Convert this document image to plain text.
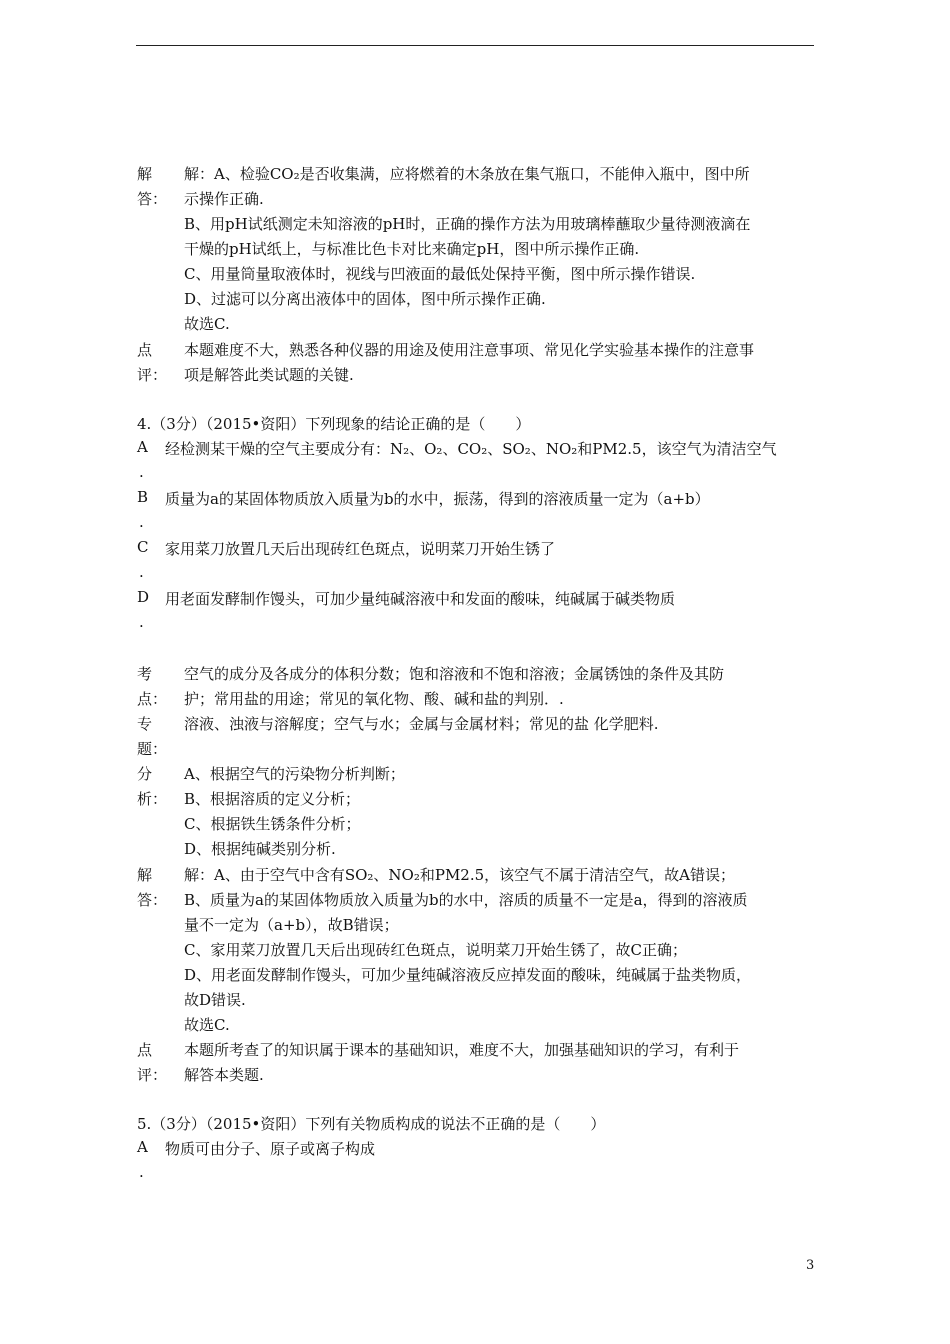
解
答：
解：A、检验CO₂是否收集满，应将燃着的木条放在集气瓶口，不能伸入瓶中，图中所
示操作正确.
B、用pH试纸测定未知溶液的pH时，正确的操作方法为用玻璃棒蘸取少量待测液滴在
干燥的pH试纸上，与标准比色卡对比来确定pH，图中所示操作正确.
C、用量筒量取液体时，视线与凹液面的最低处保持平衡，图中所示操作错误.
D、过滤可以分离出液体中的固体，图中所示操作正确.
故选C.
点
评：
本题难度不大，熟悉各种仪器的用途及使用注意事项、常见化学实验基本操作的注意事
项是解答此类试题的关键.
4.（3分）（2015•资阳）下列现象的结论正确的是（　　）
A 经检测某干燥的空气主要成分有：N₂、O₂、CO₂、SO₂、NO₂和PM2.5，该空气为清洁空气
.
B 质量为a的某固体物质放入质量为b的水中，振荡，得到的溶液质量一定为（a+b）
.
C 家用菜刀放置几天后出现砖红色斑点，说明菜刀开始生锈了
.
D 用老面发酵制作馒头，可加少量纯碱溶液中和发面的酸味，纯碱属于碱类物质
.
考
点：
空气的成分及各成分的体积分数；饱和溶液和不饱和溶液；金属锈蚀的条件及其防
护；常用盐的用途；常见的氧化物、酸、碱和盐的判别．.
专
题：
溶液、浊液与溶解度；空气与水；金属与金属材料；常见的盐 化学肥料.
分
析：
A、根据空气的污染物分析判断；
B、根据溶质的定义分析；
C、根据铁生锈条件分析；
D、根据纯碱类别分析.
解
答：
解：A、由于空气中含有SO₂、NO₂和PM2.5，该空气不属于清洁空气，故A错误；
B、质量为a的某固体物质放入质量为b的水中，溶质的质量不一定是a，得到的溶液质
量不一定为（a+b），故B错误；
C、家用菜刀放置几天后出现砖红色斑点，说明菜刀开始生锈了，故C正确；
D、用老面发酵制作馒头，可加少量纯碱溶液反应掉发面的酸味，纯碱属于盐类物质，
故D错误.
故选C.
点
评：
本题所考查了的知识属于课本的基础知识，难度不大，加强基础知识的学习，有利于
解答本类题.
5.（3分）（2015•资阳）下列有关物质构成的说法不正确的是（　　）
A 物质可由分子、原子或离子构成
.
3
